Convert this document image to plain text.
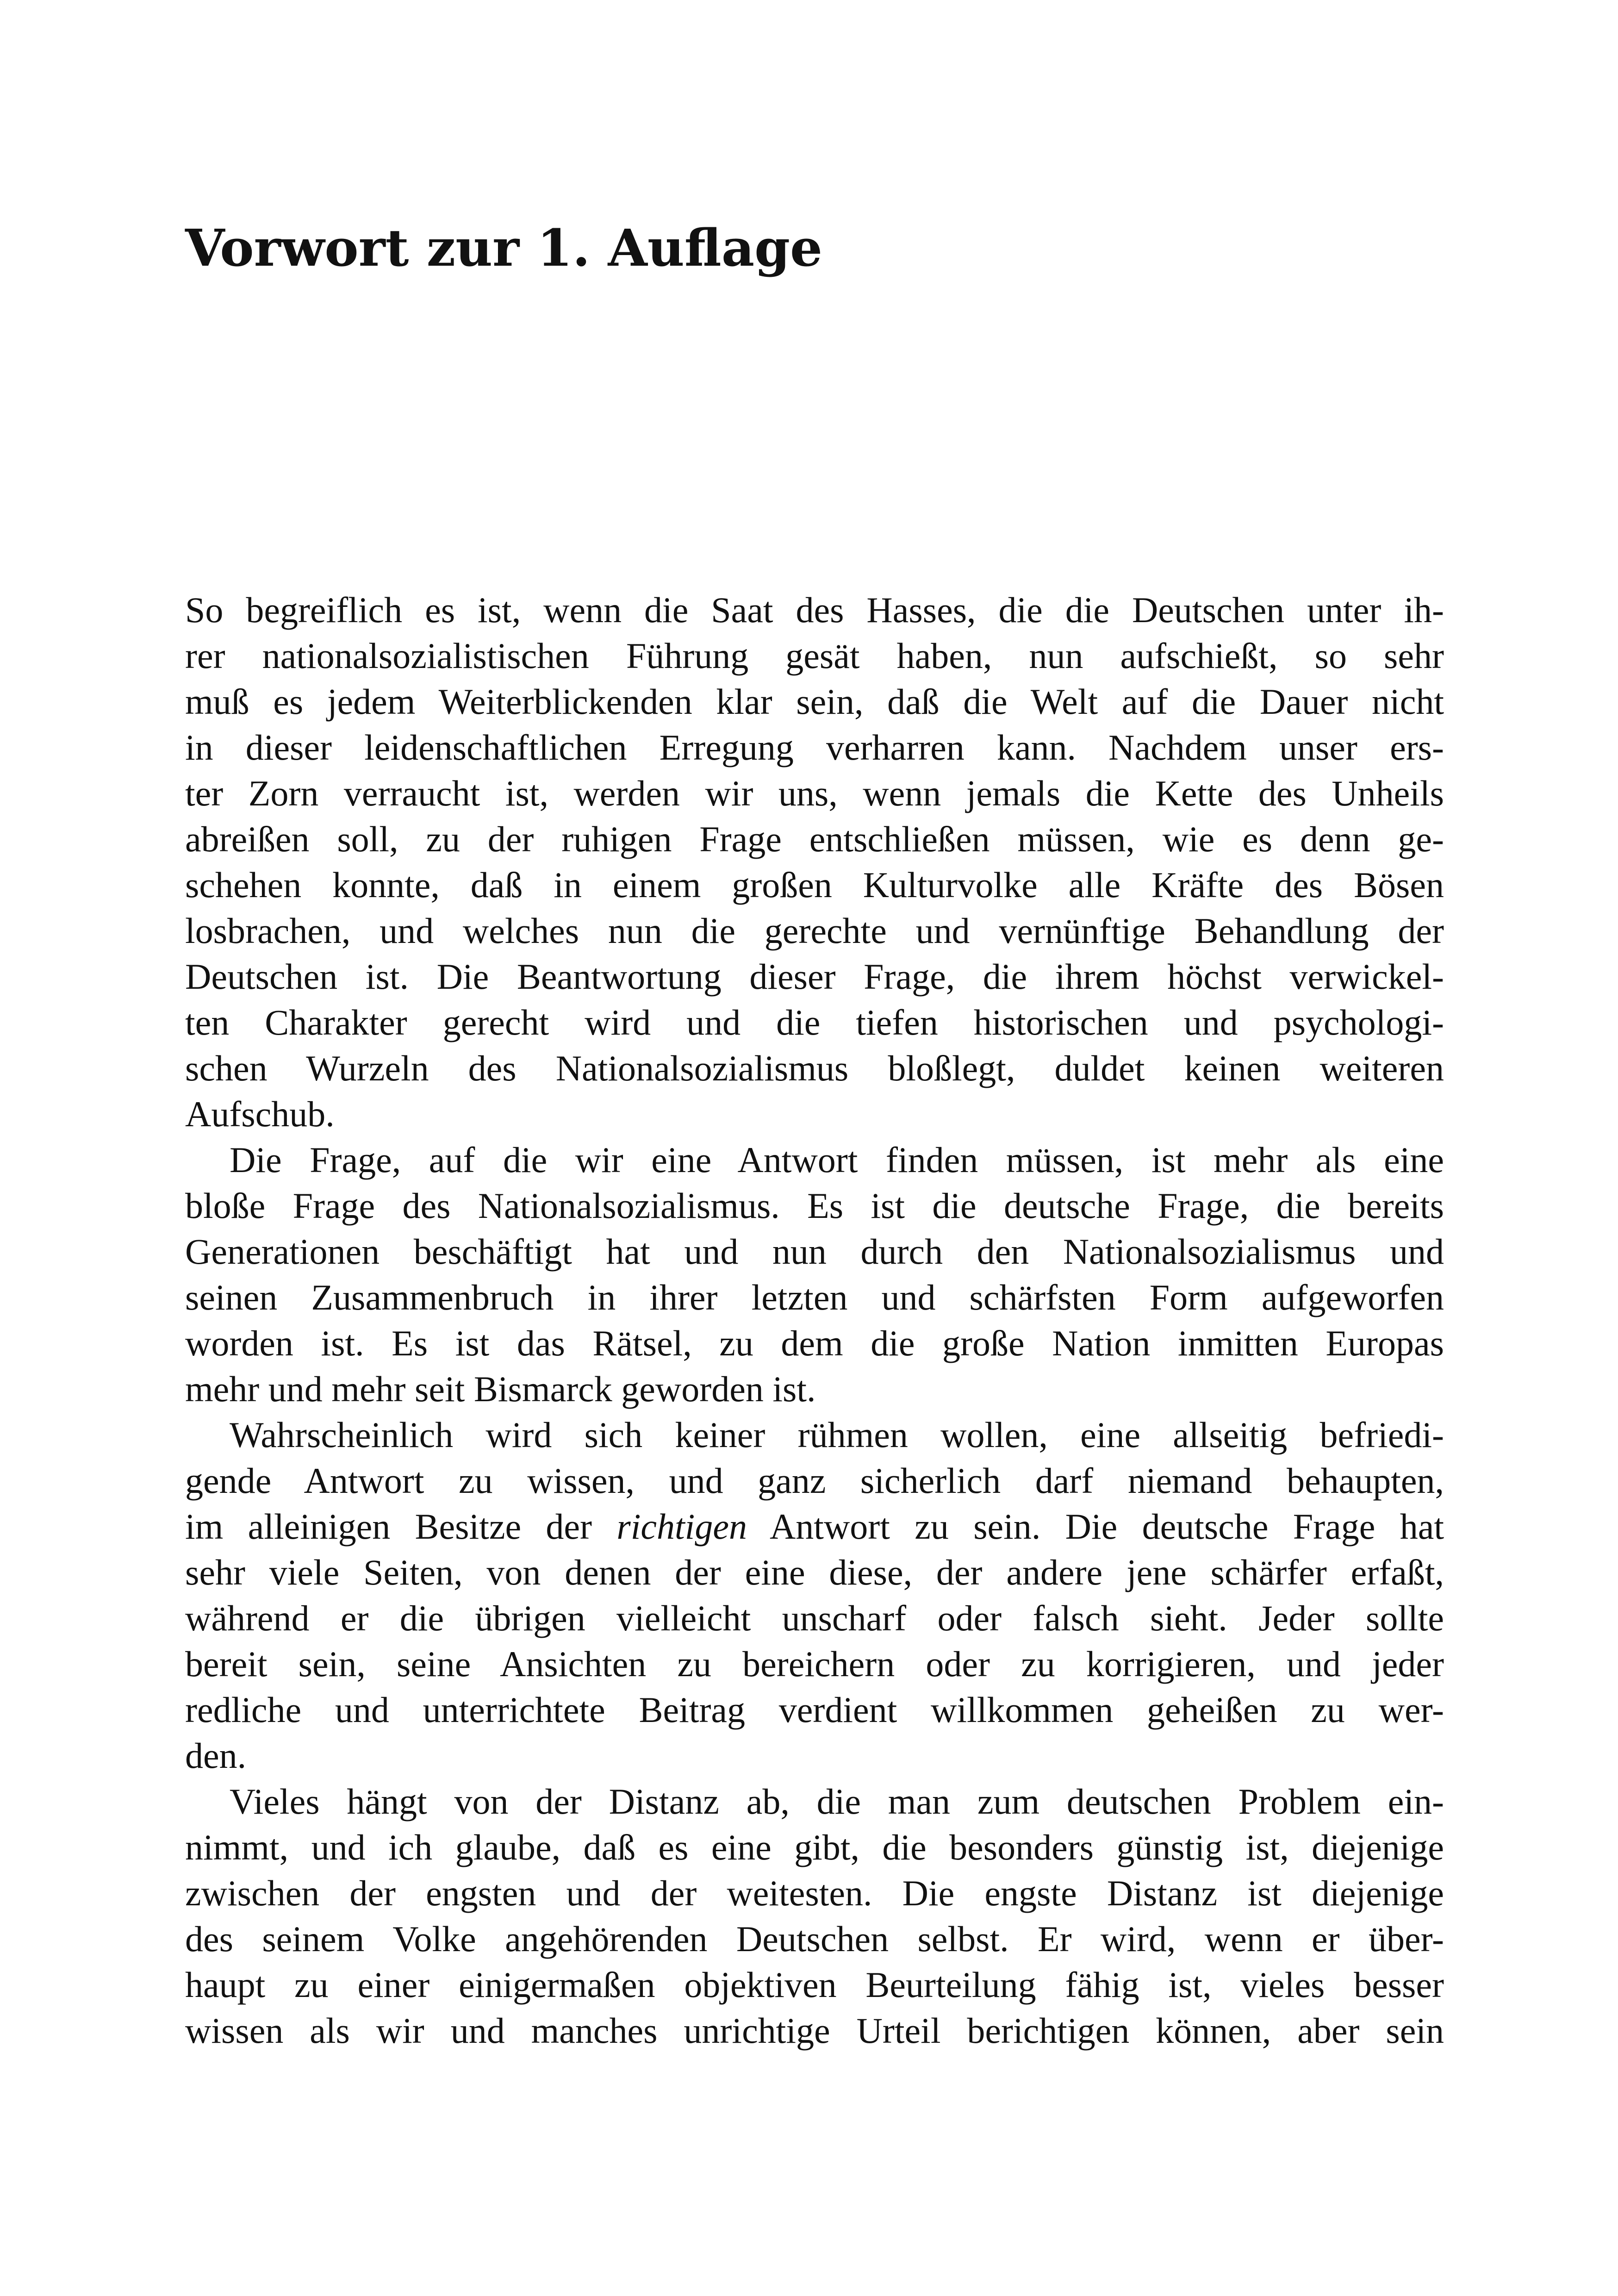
Vorwort zur 1. Auflage
So begreiflich es ist, wenn die Saat des Hasses, die die Deutschen unter ih-
rer nationalsozialistischen Führung gesät haben, nun aufschießt, so sehr
muß es jedem Weiterblickenden klar sein, daß die Welt auf die Dauer nicht
in dieser leidenschaftlichen Erregung verharren kann. Nachdem unser ers-
ter Zorn verraucht ist, werden wir uns, wenn jemals die Kette des Unheils
abreißen soll, zu der ruhigen Frage entschließen müssen, wie es denn ge-
schehen konnte, daß in einem großen Kulturvolke alle Kräfte des Bösen
losbrachen, und welches nun die gerechte und vernünftige Behandlung der
Deutschen ist. Die Beantwortung dieser Frage, die ihrem höchst verwickel-
ten Charakter gerecht wird und die tiefen historischen und psychologi-
schen Wurzeln des Nationalsozialismus bloßlegt, duldet keinen weiteren
Aufschub.
Die Frage, auf die wir eine Antwort finden müssen, ist mehr als eine
bloße Frage des Nationalsozialismus. Es ist die deutsche Frage, die bereits
Generationen beschäftigt hat und nun durch den Nationalsozialismus und
seinen Zusammenbruch in ihrer letzten und schärfsten Form aufgeworfen
worden ist. Es ist das Rätsel, zu dem die große Nation inmitten Europas
mehr und mehr seit Bismarck geworden ist.
Wahrscheinlich wird sich keiner rühmen wollen, eine allseitig befriedi-
gende Antwort zu wissen, und ganz sicherlich darf niemand behaupten,
im alleinigen Besitze der richtigen Antwort zu sein. Die deutsche Frage hat
sehr viele Seiten, von denen der eine diese, der andere jene schärfer erfaßt,
während er die übrigen vielleicht unscharf oder falsch sieht. Jeder sollte
bereit sein, seine Ansichten zu bereichern oder zu korrigieren, und jeder
redliche und unterrichtete Beitrag verdient willkommen geheißen zu wer-
den.
Vieles hängt von der Distanz ab, die man zum deutschen Problem ein-
nimmt, und ich glaube, daß es eine gibt, die besonders günstig ist, diejenige
zwischen der engsten und der weitesten. Die engste Distanz ist diejenige
des seinem Volke angehörenden Deutschen selbst. Er wird, wenn er über-
haupt zu einer einigermaßen objektiven Beurteilung fähig ist, vieles besser
wissen als wir und manches unrichtige Urteil berichtigen können, aber sein
